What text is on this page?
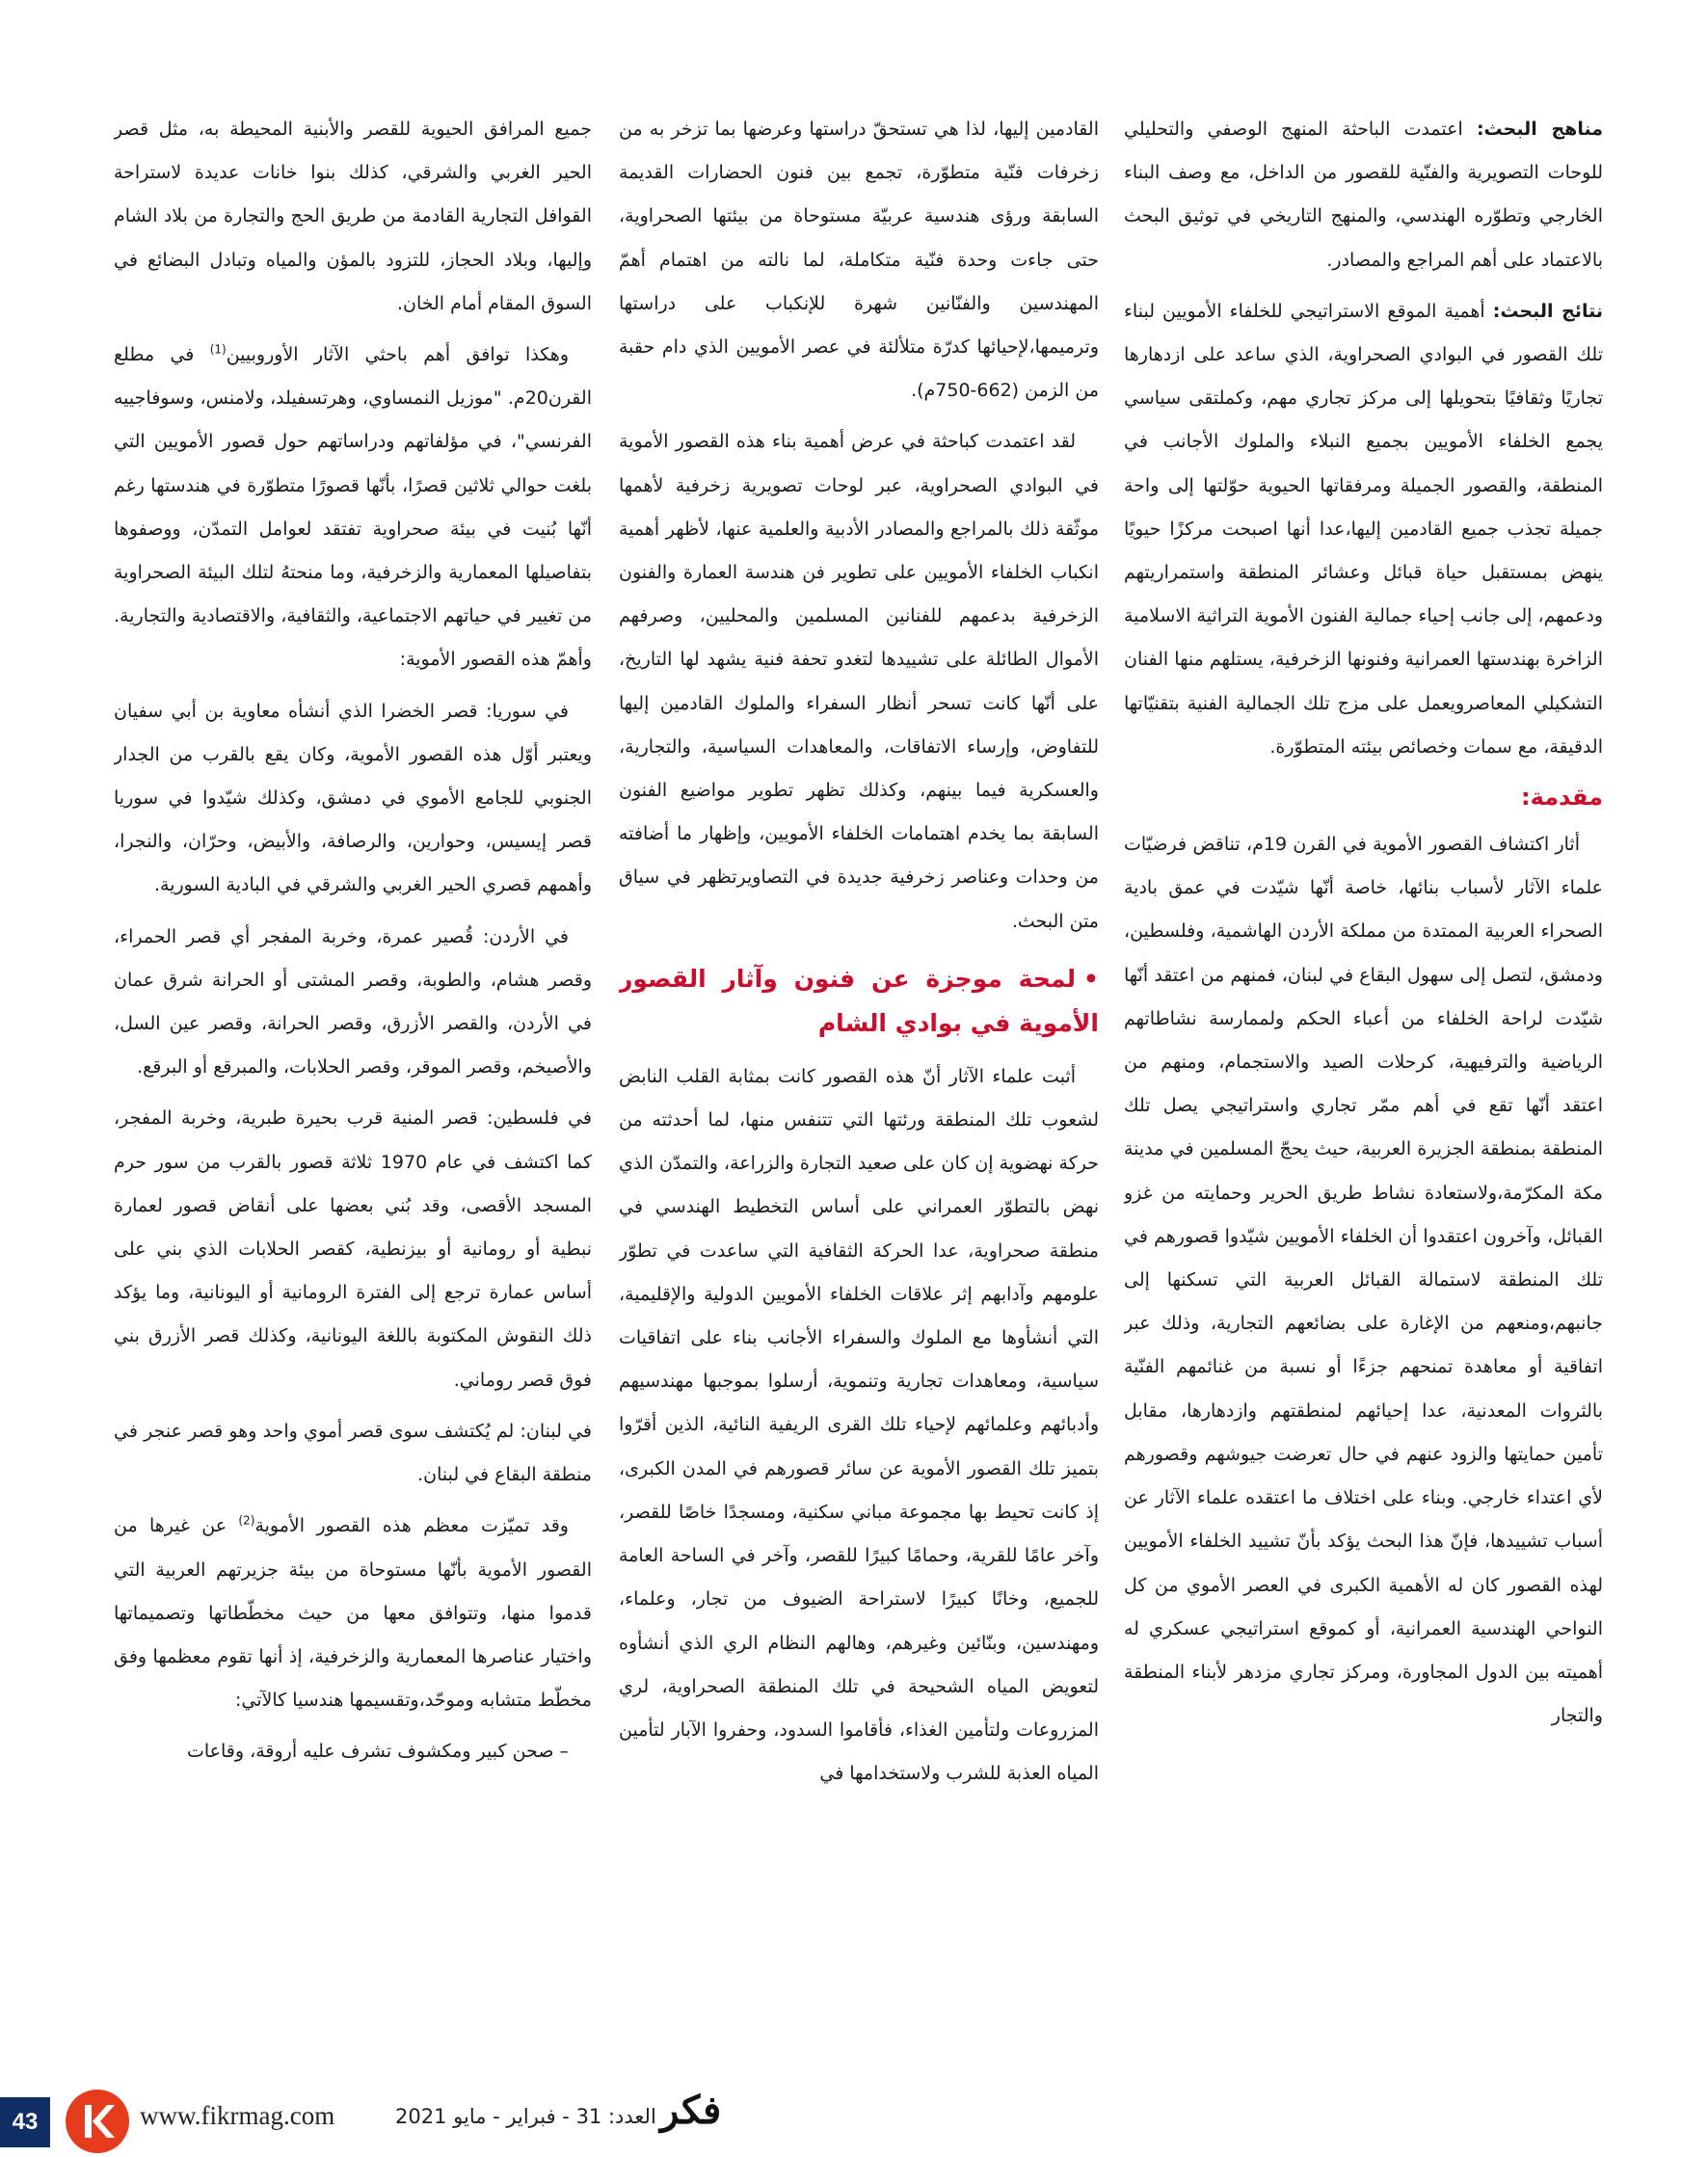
مناهج البحث: اعتمدت الباحثة المنهج الوصفي والتحليلي للوحات التصويرية والفنّية للقصور من الداخل، مع وصف البناء الخارجي وتطوّره الهندسي، والمنهج التاريخي في توثيق البحث بالاعتماد على أهم المراجع والمصادر.

نتائج البحث: أهمية الموقع الاستراتيجي للخلفاء الأمويين لبناء تلك القصور في البوادي الصحراوية، الذي ساعد على ازدهارها تجاريًا وثقافيًا بتحويلها إلى مركز تجاري مهم، وكملتقى سياسي يجمع الخلفاء الأمويين بجميع النبلاء والملوك الأجانب في المنطقة، والقصور الجميلة ومرفقاتها الحيوية حوّلتها إلى واحة جميلة تجذب جميع القادمين إليها،عدا أنها اصبحت مركزًا حيويًا ينهض بمستقبل حياة قبائل وعشائر المنطقة واستمراريتهم ودعمهم، إلى جانب إحياء جمالية الفنون الأموية التراثية الاسلامية الزاخرة بهندستها العمرانية وفنونها الزخرفية، يستلهم منها الفنان التشكيلي المعاصرويعمل على مزج تلك الجمالية الفنية بتقنيّاتها الدقيقة، مع سمات وخصائص بيئته المتطوّرة.

مقدمة:

أثار اكتشاف القصور الأموية في القرن 19م، تناقض فرضيّات علماء الآثار لأسباب بنائها، خاصة أنّها شيّدت في عمق بادية الصحراء العربية الممتدة من مملكة الأردن الهاشمية، وفلسطين، ودمشق، لتصل إلى سهول البقاع في لبنان، فمنهم من اعتقد أنّها شيّدت لراحة الخلفاء من أعباء الحكم ولممارسة نشاطاتهم الرياضية والترفيهية، كرحلات الصيد والاستجمام، ومنهم من اعتقد أنّها تقع في أهم ممّر تجاري واستراتيجي يصل تلك المنطقة بمنطقة الجزيرة العربية، حيث يحجّ المسلمين في مدينة مكة المكرّمة،ولاستعادة نشاط طريق الحرير وحمايته من غزو القبائل، وآخرون اعتقدوا أن الخلفاء الأمويين شيّدوا قصورهم في تلك المنطقة لاستمالة القبائل العربية التي تسكنها إلى جانبهم،ومنعهم من الإغارة على بضائعهم التجارية، وذلك عبر اتفاقية أو معاهدة تمنحهم جزءًا أو نسبة من غنائمهم الفنّية بالثروات المعدنية، عدا إحيائهم لمنطقتهم وازدهارها، مقابل تأمين حمايتها والزود عنهم في حال تعرضت جيوشهم وقصورهم لأي اعتداء خارجي. وبناء على اختلاف ما اعتقده علماء الآثار عن أسباب تشييدها، فإنّ هذا البحث يؤكد بأنّ تشييد الخلفاء الأمويين لهذه القصور كان له الأهمية الكبرى في العصر الأموي من كل النواحي الهندسية العمرانية، أو كموقع استراتيجي عسكري له أهميته بين الدول المجاورة، ومركز تجاري مزدهر لأبناء المنطقة والتجار

القادمين إليها، لذا هي تستحقّ دراستها وعرضها بما تزخر به من زخرفات فنّية متطوّرة، تجمع بين فنون الحضارات القديمة السابقة ورؤى هندسية عربيّة مستوحاة من بيئتها الصحراوية، حتى جاءت وحدة فنّية متكاملة، لما نالته من اهتمام أهمّ المهندسين والفنّانين شهرة للإنكباب على دراستها وترميمها،لإحيائها كدرّة متلألئة في عصر الأمويين الذي دام حقبة من الزمن (662-750م).

لقد اعتمدت كباحثة في عرض أهمية بناء هذه القصور الأموية في البوادي الصحراوية، عبر لوحات تصويرية زخرفية لأهمها موثّقة ذلك بالمراجع والمصادر الأدبية والعلمية عنها، لأظهر أهمية انكباب الخلفاء الأمويين على تطوير فن هندسة العمارة والفنون الزخرفية بدعمهم للفنانين المسلمين والمحليين، وصرفهم الأموال الطائلة على تشييدها لتغدو تحفة فنية يشهد لها التاريخ، على أنّها كانت تسحر أنظار السفراء والملوك القادمين إليها للتفاوض، وإرساء الاتفاقات، والمعاهدات السياسية، والتجارية، والعسكرية فيما بينهم، وكذلك تظهر تطوير مواضيع الفنون السابقة بما يخدم اهتمامات الخلفاء الأمويين، وإظهار ما أضافته من وحدات وعناصر زخرفية جديدة في التصاويرتظهر في سياق متن البحث.

•لمحة موجزة عن فنون وآثار القصور الأموية في بوادي الشام

أثبت علماء الآثار أنّ هذه القصور كانت بمثابة القلب النابض لشعوب تلك المنطقة ورئتها التي تتنفس منها، لما أحدثته من حركة نهضوية إن كان على صعيد التجارة والزراعة، والتمدّن الذي نهض بالتطوّر العمراني على أساس التخطيط الهندسي في منطقة صحراوية، عدا الحركة الثقافية التي ساعدت في تطوّر علومهم وآدابهم إثر علاقات الخلفاء الأمويين الدولية والإقليمية، التي أنشأوها مع الملوك والسفراء الأجانب بناء على اتفاقيات سياسية، ومعاهدات تجارية وتنموية، أرسلوا بموجبها مهندسيهم وأدبائهم وعلمائهم لإحياء تلك القرى الريفية النائية، الذين أقرّوا بتميز تلك القصور الأموية عن سائر قصورهم في المدن الكبرى، إذ كانت تحيط بها مجموعة مباني سكنية، ومسجدًا خاصًا للقصر، وآخر عامًا للقرية، وحمامًا كبيرًا للقصر، وآخر في الساحة العامة للجميع، وخانًا كبيرًا لاستراحة الضيوف من تجار، وعلماء، ومهندسين، وبنّائين وغيرهم، وهالهم النظام الري الذي أنشأوه لتعويض المياه الشحيحة في تلك المنطقة الصحراوية، لري المزروعات ولتأمين الغذاء، فأقاموا السدود، وحفروا الآبار لتأمين المياه العذبة للشرب ولاستخدامها في

جميع المرافق الحيوية للقصر والأبنية المحيطة به، مثل قصر الحير الغربي والشرقي، كذلك بنوا خانات عديدة لاستراحة القوافل التجارية القادمة من طريق الحج والتجارة من بلاد الشام وإليها، وبلاد الحجاز، للتزود بالمؤن والمياه وتبادل البضائع في السوق المقام أمام الخان.

وهكذا توافق أهم باحثي الآثار الأوروبيين$^{(1)}$ في مطلع القرن20م. "موزيل النمساوي، وهرتسفيلد، ولامنس، وسوفاجييه الفرنسي"، في مؤلفاتهم ودراساتهم حول قصور الأمويين التي بلغت حوالي ثلاثين قصرًا، بأنّها قصورًا متطوّرة في هندستها رغم أنّها بُنيت في بيئة صحراوية تفتقد لعوامل التمدّن، ووصفوها بتفاصيلها المعمارية والزخرفية، وما منحتهُ لتلك البيئة الصحراوية من تغيير في حياتهم الاجتماعية، والثقافية، والاقتصادية والتجارية. وأهمّ هذه القصور الأموية:

في سوريا: قصر الخضرا الذي أنشأه معاوية بن أبي سفيان ويعتبر أوّل هذه القصور الأموية، وكان يقع بالقرب من الجدار الجنوبي للجامع الأموي في دمشق، وكذلك شيّدوا في سوريا قصر إيسيس، وحوارين، والرصافة، والأبيض، وحرّان، والنجرا، وأهمهم قصري الحير الغربي والشرقي في البادية السورية.

في الأردن: قُصير عمرة، وخربة المفجر أي قصر الحمراء، وقصر هشام، والطوبة، وقصر المشتى أو الحرانة شرق عمان في الأردن، والقصر الأزرق، وقصر الحرانة، وقصر عين السل، والأصيخم، وقصر الموقر، وقصر الحلابات، والمبرقع أو البرقع.

في فلسطين: قصر المنية قرب بحيرة طبرية، وخربة المفجر، كما اكتشف في عام 1970 ثلاثة قصور بالقرب من سور حرم المسجد الأقصى، وقد بُني بعضها على أنقاض قصور لعمارة نبطية أو رومانية أو بيزنطية، كقصر الحلابات الذي بني على أساس عمارة ترجع إلى الفترة الرومانية أو اليونانية، وما يؤكد ذلك النقوش المكتوبة باللغة اليونانية، وكذلك قصر الأزرق بني فوق قصر روماني.

في لبنان: لم يُكتشف سوى قصر أموي واحد وهو قصر عنجر في منطقة البقاع في لبنان.

وقد تميّزت معظم هذه القصور الأموية$^{(2)}$ عن غيرها من القصور الأموية بأنّها مستوحاة من بيئة جزيرتهم العربية التي قدموا منها، وتتوافق معها من حيث مخطّطاتها وتصميماتها واختيار عناصرها المعمارية والزخرفية، إذ أنها تقوم معظمها وفق مخطّط متشابه وموحّد،وتقسيمها هندسيا كالآتي:

– صحن كبير ومكشوف تشرف عليه أروقة، وقاعات

43	www.fikrmag.com	العدد: 31 - فبراير - مايو 2021 فكر
